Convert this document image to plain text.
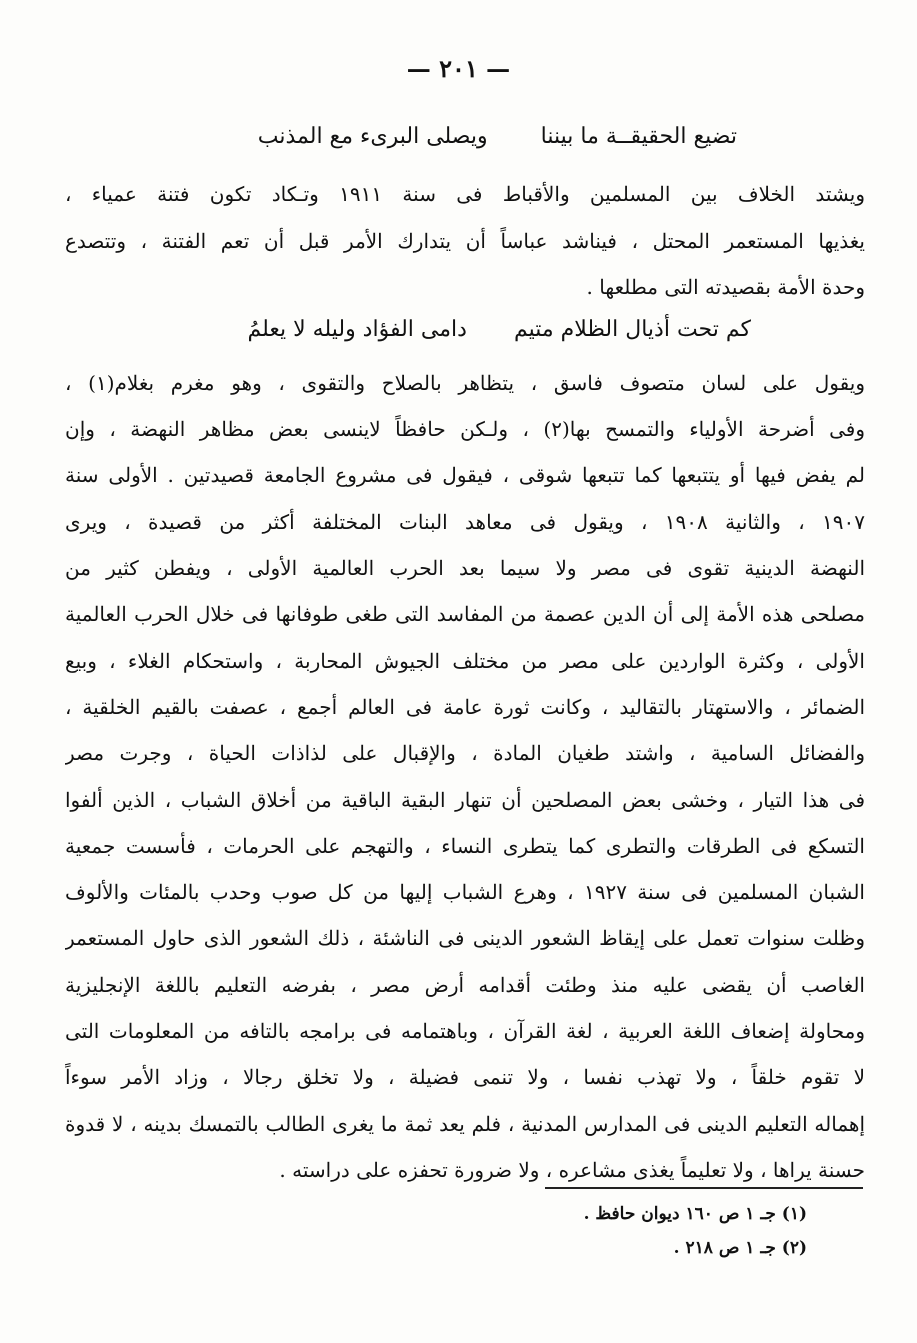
— ٢٠١ —
تضيع الحقيقــة ما بيننا ويصلى البرىء مع المذنب
ويشتد الخلاف بين المسلمين والأقباط فى سنة ١٩١١ وتـكاد تكون فتنة عمياء ،
يغذيها المستعمر المحتل ، فيناشد عباساً أن يتدارك الأمر قبل أن تعم الفتنة ، وتتصدع
وحدة الأمة بقصيدته التى مطلعها .
كم تحت أذيال الظلام متيم دامى الفؤاد وليله لا يعلمُ
ويقول على لسان متصوف فاسق ، يتظاهر بالصلاح والتقوى ، وهو مغرم بغلام(١) ،
وفى أضرحة الأولياء والتمسح بها(٢) ، ولـكن حافظاً لاينسى بعض مظاهر النهضة ، وإن
لم يفض فيها أو يتتبعها كما تتبعها شوقى ، فيقول فى مشروع الجامعة قصيدتين . الأولى سنة
١٩٠٧ ، والثانية ١٩٠٨ ، ويقول فى معاهد البنات المختلفة أكثر من قصيدة ، ويرى
النهضة الدينية تقوى فى مصر ولا سيما بعد الحرب العالمية الأولى ، ويفطن كثير من
مصلحى هذه الأمة إلى أن الدين عصمة من المفاسد التى طغى طوفانها فى خلال الحرب العالمية
الأولى ، وكثرة الواردين على مصر من مختلف الجيوش المحاربة ، واستحكام الغلاء ، وبيع
الضمائر ، والاستهتار بالتقاليد ، وكانت ثورة عامة فى العالم أجمع ، عصفت بالقيم الخلقية ،
والفضائل السامية ، واشتد طغيان المادة ، والإقبال على لذاذات الحياة ، وجرت مصر
فى هذا التيار ، وخشى بعض المصلحين أن تنهار البقية الباقية من أخلاق الشباب ، الذين ألفوا
التسكع فى الطرقات والتطرى كما يتطرى النساء ، والتهجم على الحرمات ، فأسست جمعية
الشبان المسلمين فى سنة ١٩٢٧ ، وهرع الشباب إليها من كل صوب وحدب بالمئات والألوف
وظلت سنوات تعمل على إيقاظ الشعور الدينى فى الناشئة ، ذلك الشعور الذى حاول المستعمر
الغاصب أن يقضى عليه منذ وطئت أقدامه أرض مصر ، بفرضه التعليم باللغة الإنجليزية
ومحاولة إضعاف اللغة العربية ، لغة القرآن ، وباهتمامه فى برامجه بالتافه من المعلومات التى
لا تقوم خلقاً ، ولا تهذب نفسا ، ولا تنمى فضيلة ، ولا تخلق رجالا ، وزاد الأمر سوءاً
إهماله التعليم الدينى فى المدارس المدنية ، فلم يعد ثمة ما يغرى الطالب بالتمسك بدينه ، لا قدوة
حسنة يراها ، ولا تعليماً يغذى مشاعره ، ولا ضرورة تحفزه على دراسته .
(١) جـ ١ ص ١٦٠ ديوان حافظ .
(٢) جـ ١ ص ٢١٨ .
